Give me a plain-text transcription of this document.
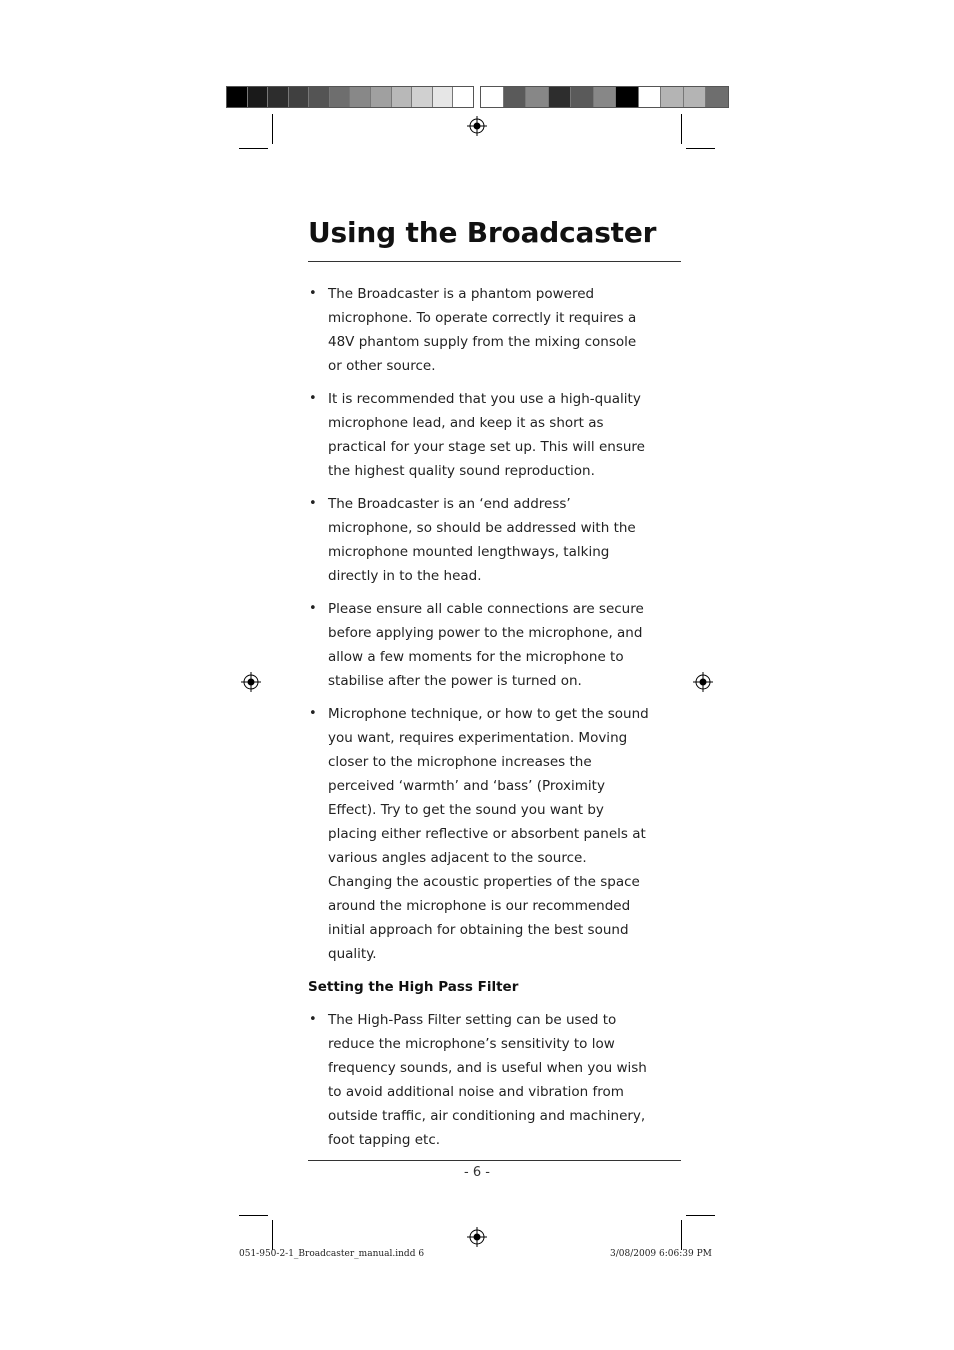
Using the Broadcaster

• The Broadcaster is a phantom powered microphone. To operate correctly it requires a 48V phantom supply from the mixing console or other source.

• It is recommended that you use a high-quality microphone lead, and keep it as short as practical for your stage set up. This will ensure the highest quality sound reproduction.

• The Broadcaster is an ‘end address’ microphone, so should be addressed with the microphone mounted lengthways, talking directly in to the head.

• Please ensure all cable connections are secure before applying power to the microphone, and allow a few moments for the microphone to stabilise after the power is turned on.

• Microphone technique, or how to get the sound you want, requires experimentation. Moving closer to the microphone increases the perceived ‘warmth’ and ‘bass’ (Proximity Effect). Try to get the sound you want by placing either reflective or absorbent panels at various angles adjacent to the source. Changing the acoustic properties of the space around the microphone is our recommended initial approach for obtaining the best sound quality.

Setting the High Pass Filter

• The High-Pass Filter setting can be used to reduce the microphone’s sensitivity to low frequency sounds, and is useful when you wish to avoid additional noise and vibration from outside traffic, air conditioning and machinery, foot tapping etc.

- 6 -
051-950-2-1_Broadcaster_manual.indd 6	3/08/2009 6:06:39 PM
